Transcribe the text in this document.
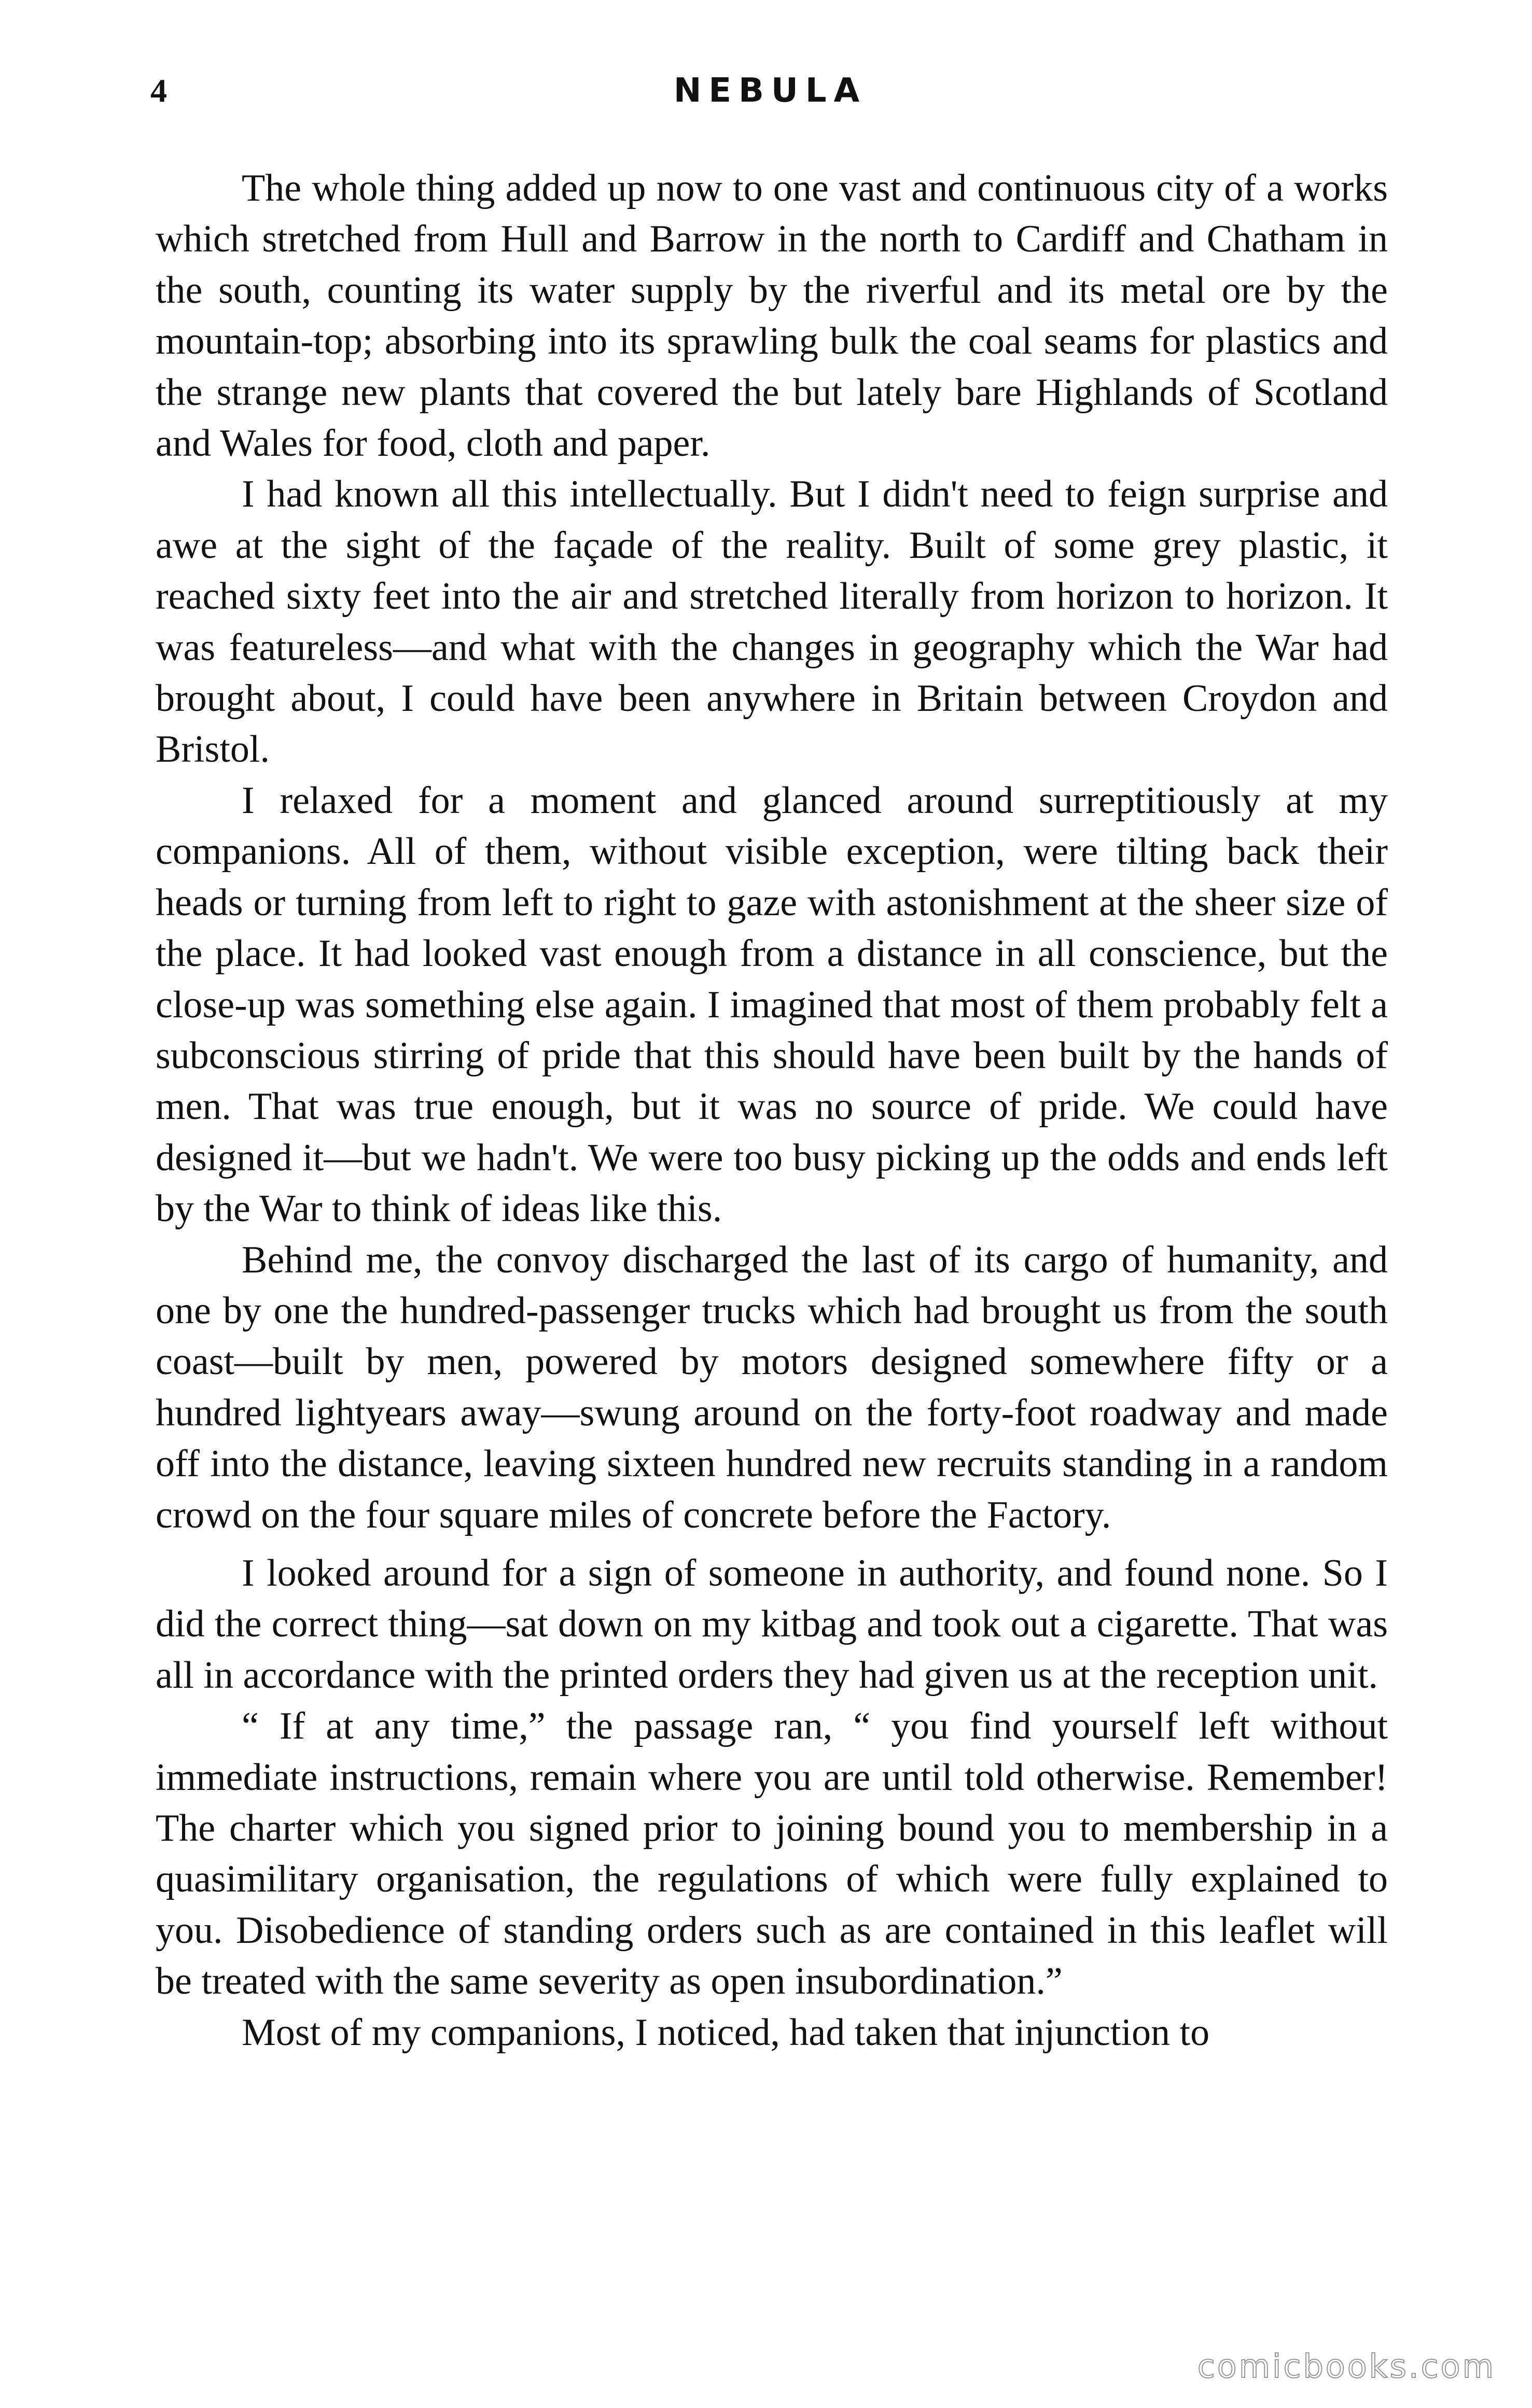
4	NEBULA

The whole thing added up now to one vast and continuous city of a works which stretched from Hull and Barrow in the north to Cardiff and Chatham in the south, counting its water supply by the riverful and its metal ore by the mountain-top; absorbing into its sprawling bulk the coal seams for plastics and the strange new plants that covered the but lately bare Highlands of Scotland and Wales for food, cloth and paper.

I had known all this intellectually. But I didn't need to feign surprise and awe at the sight of the façade of the reality. Built of some grey plastic, it reached sixty feet into the air and stretched literally from horizon to horizon. It was featureless—and what with the changes in geography which the War had brought about, I could have been anywhere in Britain between Croydon and Bristol.

I relaxed for a moment and glanced around surreptitiously at my companions. All of them, without visible exception, were tilting back their heads or turning from left to right to gaze with astonishment at the sheer size of the place. It had looked vast enough from a distance in all conscience, but the close-up was something else again. I imagined that most of them probably felt a subconscious stirring of pride that this should have been built by the hands of men. That was true enough, but it was no source of pride. We could have designed it—but we hadn't. We were too busy picking up the odds and ends left by the War to think of ideas like this.

Behind me, the convoy discharged the last of its cargo of humanity, and one by one the hundred-passenger trucks which had brought us from the south coast—built by men, powered by motors designed somewhere fifty or a hundred lightyears away—swung around on the forty-foot roadway and made off into the distance, leaving sixteen hundred new recruits standing in a random crowd on the four square miles of concrete before the Factory.

I looked around for a sign of someone in authority, and found none. So I did the correct thing—sat down on my kitbag and took out a cigarette. That was all in accordance with the printed orders they had given us at the reception unit.

“ If at any time,” the passage ran, “ you find yourself left without immediate instructions, remain where you are until told otherwise. Remember! The charter which you signed prior to joining bound you to membership in a quasimilitary organisation, the regulations of which were fully explained to you. Disobedience of standing orders such as are contained in this leaflet will be treated with the same severity as open insubordination.”

Most of my companions, I noticed, had taken that injunction to

comicbooks.com
